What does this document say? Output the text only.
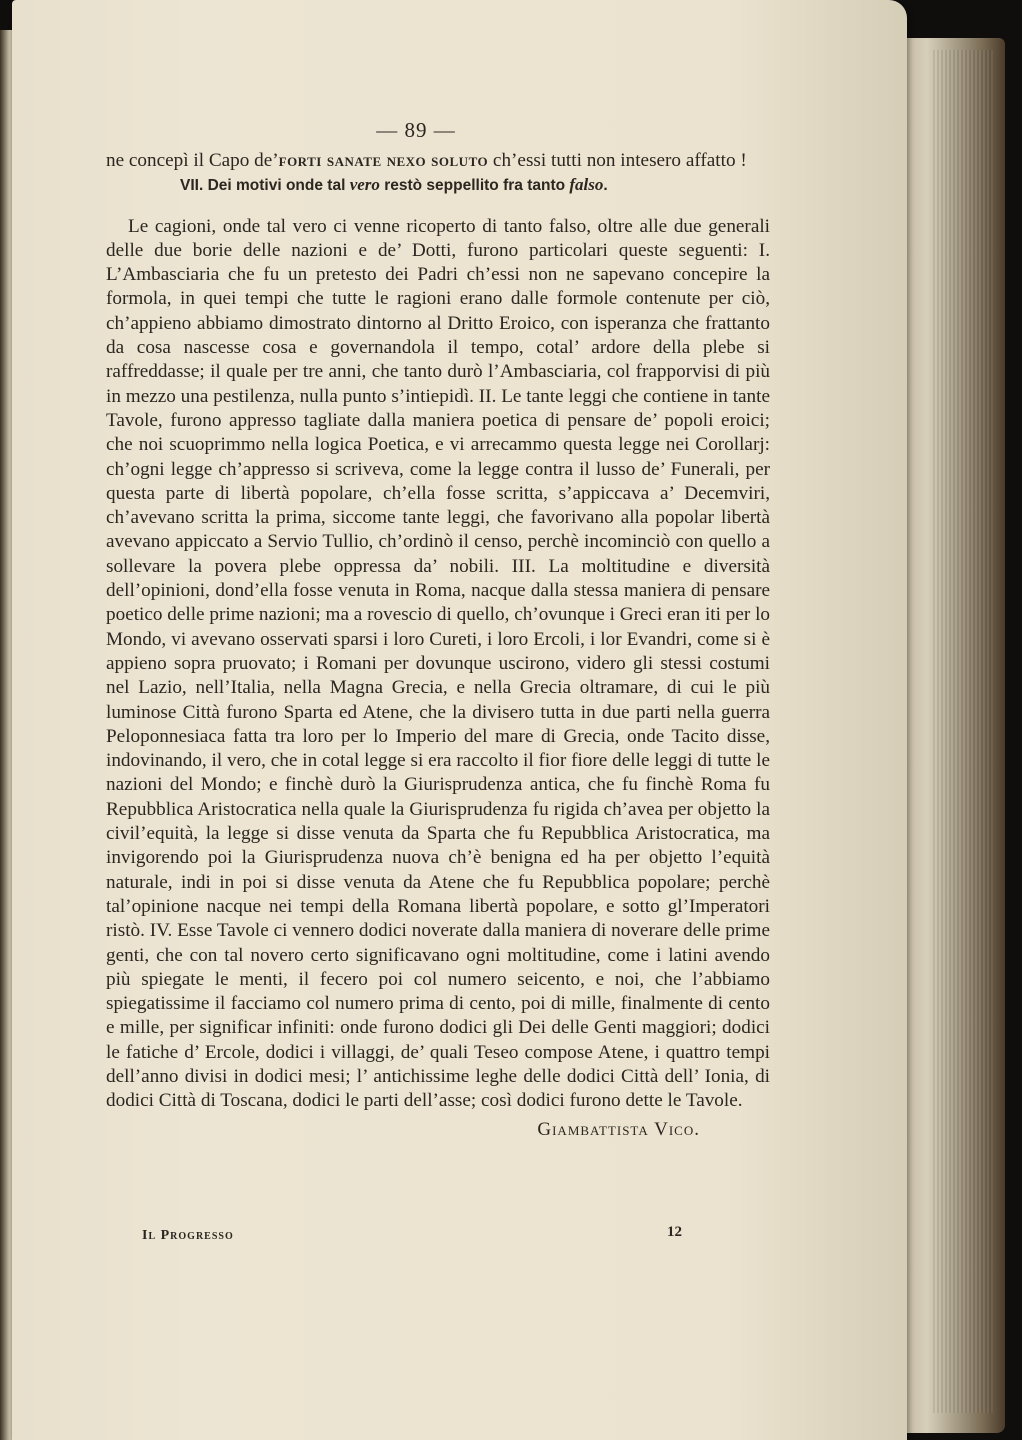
— 89 —

ne concepì il Capo de’forti sanate nexo soluto ch’essi tutti non intesero affatto !

VII. Dei motivi onde tal vero restò seppellito fra tanto falso.

Le cagioni, onde tal vero ci venne ricoperto di tanto falso, oltre alle due generali delle due borie delle nazioni e de’ Dotti, furono particolari queste seguenti: I. L’Ambasciaria che fu un pretesto dei Padri ch’essi non ne sapevano concepire la formola, in quei tempi che tutte le ragioni erano dalle formole contenute per ciò, ch’appieno abbiamo dimostrato dintorno al Dritto Eroico, con isperanza che frattanto da cosa nascesse cosa e governandola il tempo, cotal’ ardore della plebe si raffreddasse; il quale per tre anni, che tanto durò l’Ambasciaria, col frapporvisi di più in mezzo una pestilenza, nulla punto s’intiepidì. II. Le tante leggi che contiene in tante Tavole, furono appresso tagliate dalla maniera poetica di pensare de’ popoli eroici; che noi scuoprimmo nella logica Poetica, e vi arrecammo questa legge nei Corollarj: ch’ogni legge ch’appresso si scriveva, come la legge contra il lusso de’ Funerali, per questa parte di libertà popolare, ch’ella fosse scritta, s’appiccava a’ Decemviri, ch’avevano scritta la prima, siccome tante leggi, che favorivano alla popolar libertà avevano appiccato a Servio Tullio, ch’ordinò il censo, perchè incominciò con quello a sollevare la povera plebe oppressa da’ nobili. III. La moltitudine e diversità dell’opinioni, dond’ella fosse venuta in Roma, nacque dalla stessa maniera di pensare poetico delle prime nazioni; ma a rovescio di quello, ch’ovunque i Greci eran iti per lo Mondo, vi avevano osservati sparsi i loro Cureti, i loro Ercoli, i lor Evandri, come si è appieno sopra pruovato; i Romani per dovunque uscirono, videro gli stessi costumi nel Lazio, nell’Italia, nella Magna Grecia, e nella Grecia oltramare, di cui le più luminose Città furono Sparta ed Atene, che la divisero tutta in due parti nella guerra Peloponnesiaca fatta tra loro per lo Imperio del mare di Grecia, onde Tacito disse, indovinando, il vero, che in cotal legge si era raccolto il fior fiore delle leggi di tutte le nazioni del Mondo; e finchè durò la Giurisprudenza antica, che fu finchè Roma fu Repubblica Aristocratica nella quale la Giurisprudenza fu rigida ch’avea per objetto la civil’equità, la legge si disse venuta da Sparta che fu Repubblica Aristocratica, ma invigorendo poi la Giurisprudenza nuova ch’è benigna ed ha per objetto l’equità naturale, indi in poi si disse venuta da Atene che fu Repubblica popolare; perchè tal’opinione nacque nei tempi della Romana libertà popolare, e sotto gl’Imperatori ristò. IV. Esse Tavole ci vennero dodici noverate dalla maniera di noverare delle prime genti, che con tal novero certo significavano ogni moltitudine, come i latini avendo più spiegate le menti, il fecero poi col numero seicento, e noi, che l’abbiamo spiegatissime il facciamo col numero prima di cento, poi di mille, finalmente di cento e mille, per significar infiniti: onde furono dodici gli Dei delle Genti maggiori; dodici le fatiche d’ Ercole, dodici i villaggi, de’ quali Teseo compose Atene, i quattro tempi dell’anno divisi in dodici mesi; l’ antichissime leghe delle dodici Città dell’ Ionia, di dodici Città di Toscana, dodici le parti dell’asse; così dodici furono dette le Tavole.

Giambattista Vico.

Il Progresso	12
